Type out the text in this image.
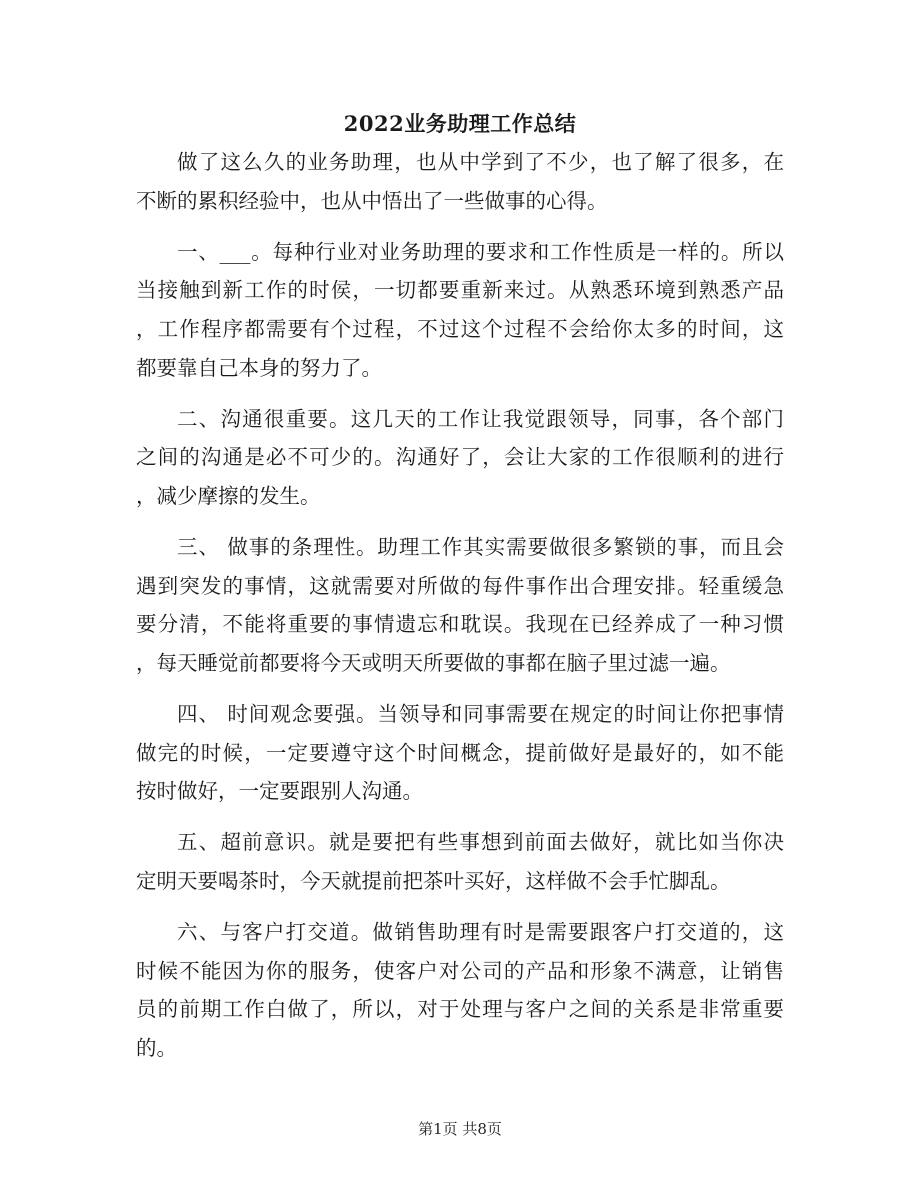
2022业务助理工作总结
做了这么久的业务助理，也从中学到了不少，也了解了很多，在
不断的累积经验中，也从中悟出了一些做事的心得。
一、___。每种行业对业务助理的要求和工作性质是一样的。所以
当接触到新工作的时侯，一切都要重新来过。从熟悉环境到熟悉产品
，工作程序都需要有个过程，不过这个过程不会给你太多的时间，这
都要靠自己本身的努力了。
二、沟通很重要。这几天的工作让我觉跟领导，同事，各个部门
之间的沟通是必不可少的。沟通好了，会让大家的工作很顺利的进行
，减少摩擦的发生。
三、 做事的条理性。助理工作其实需要做很多繁锁的事，而且会
遇到突发的事情，这就需要对所做的每件事作出合理安排。轻重缓急
要分清，不能将重要的事情遗忘和耽误。我现在已经养成了一种习惯
，每天睡觉前都要将今天或明天所要做的事都在脑子里过滤一遍。
四、 时间观念要强。当领导和同事需要在规定的时间让你把事情
做完的时候，一定要遵守这个时间概念，提前做好是最好的，如不能
按时做好，一定要跟别人沟通。
五、超前意识。就是要把有些事想到前面去做好，就比如当你决
定明天要喝茶时，今天就提前把茶叶买好，这样做不会手忙脚乱。
六、与客户打交道。做销售助理有时是需要跟客户打交道的，这
时候不能因为你的服务，使客户对公司的产品和形象不满意，让销售
员的前期工作白做了，所以，对于处理与客户之间的关系是非常重要
的。
第1页 共8页
